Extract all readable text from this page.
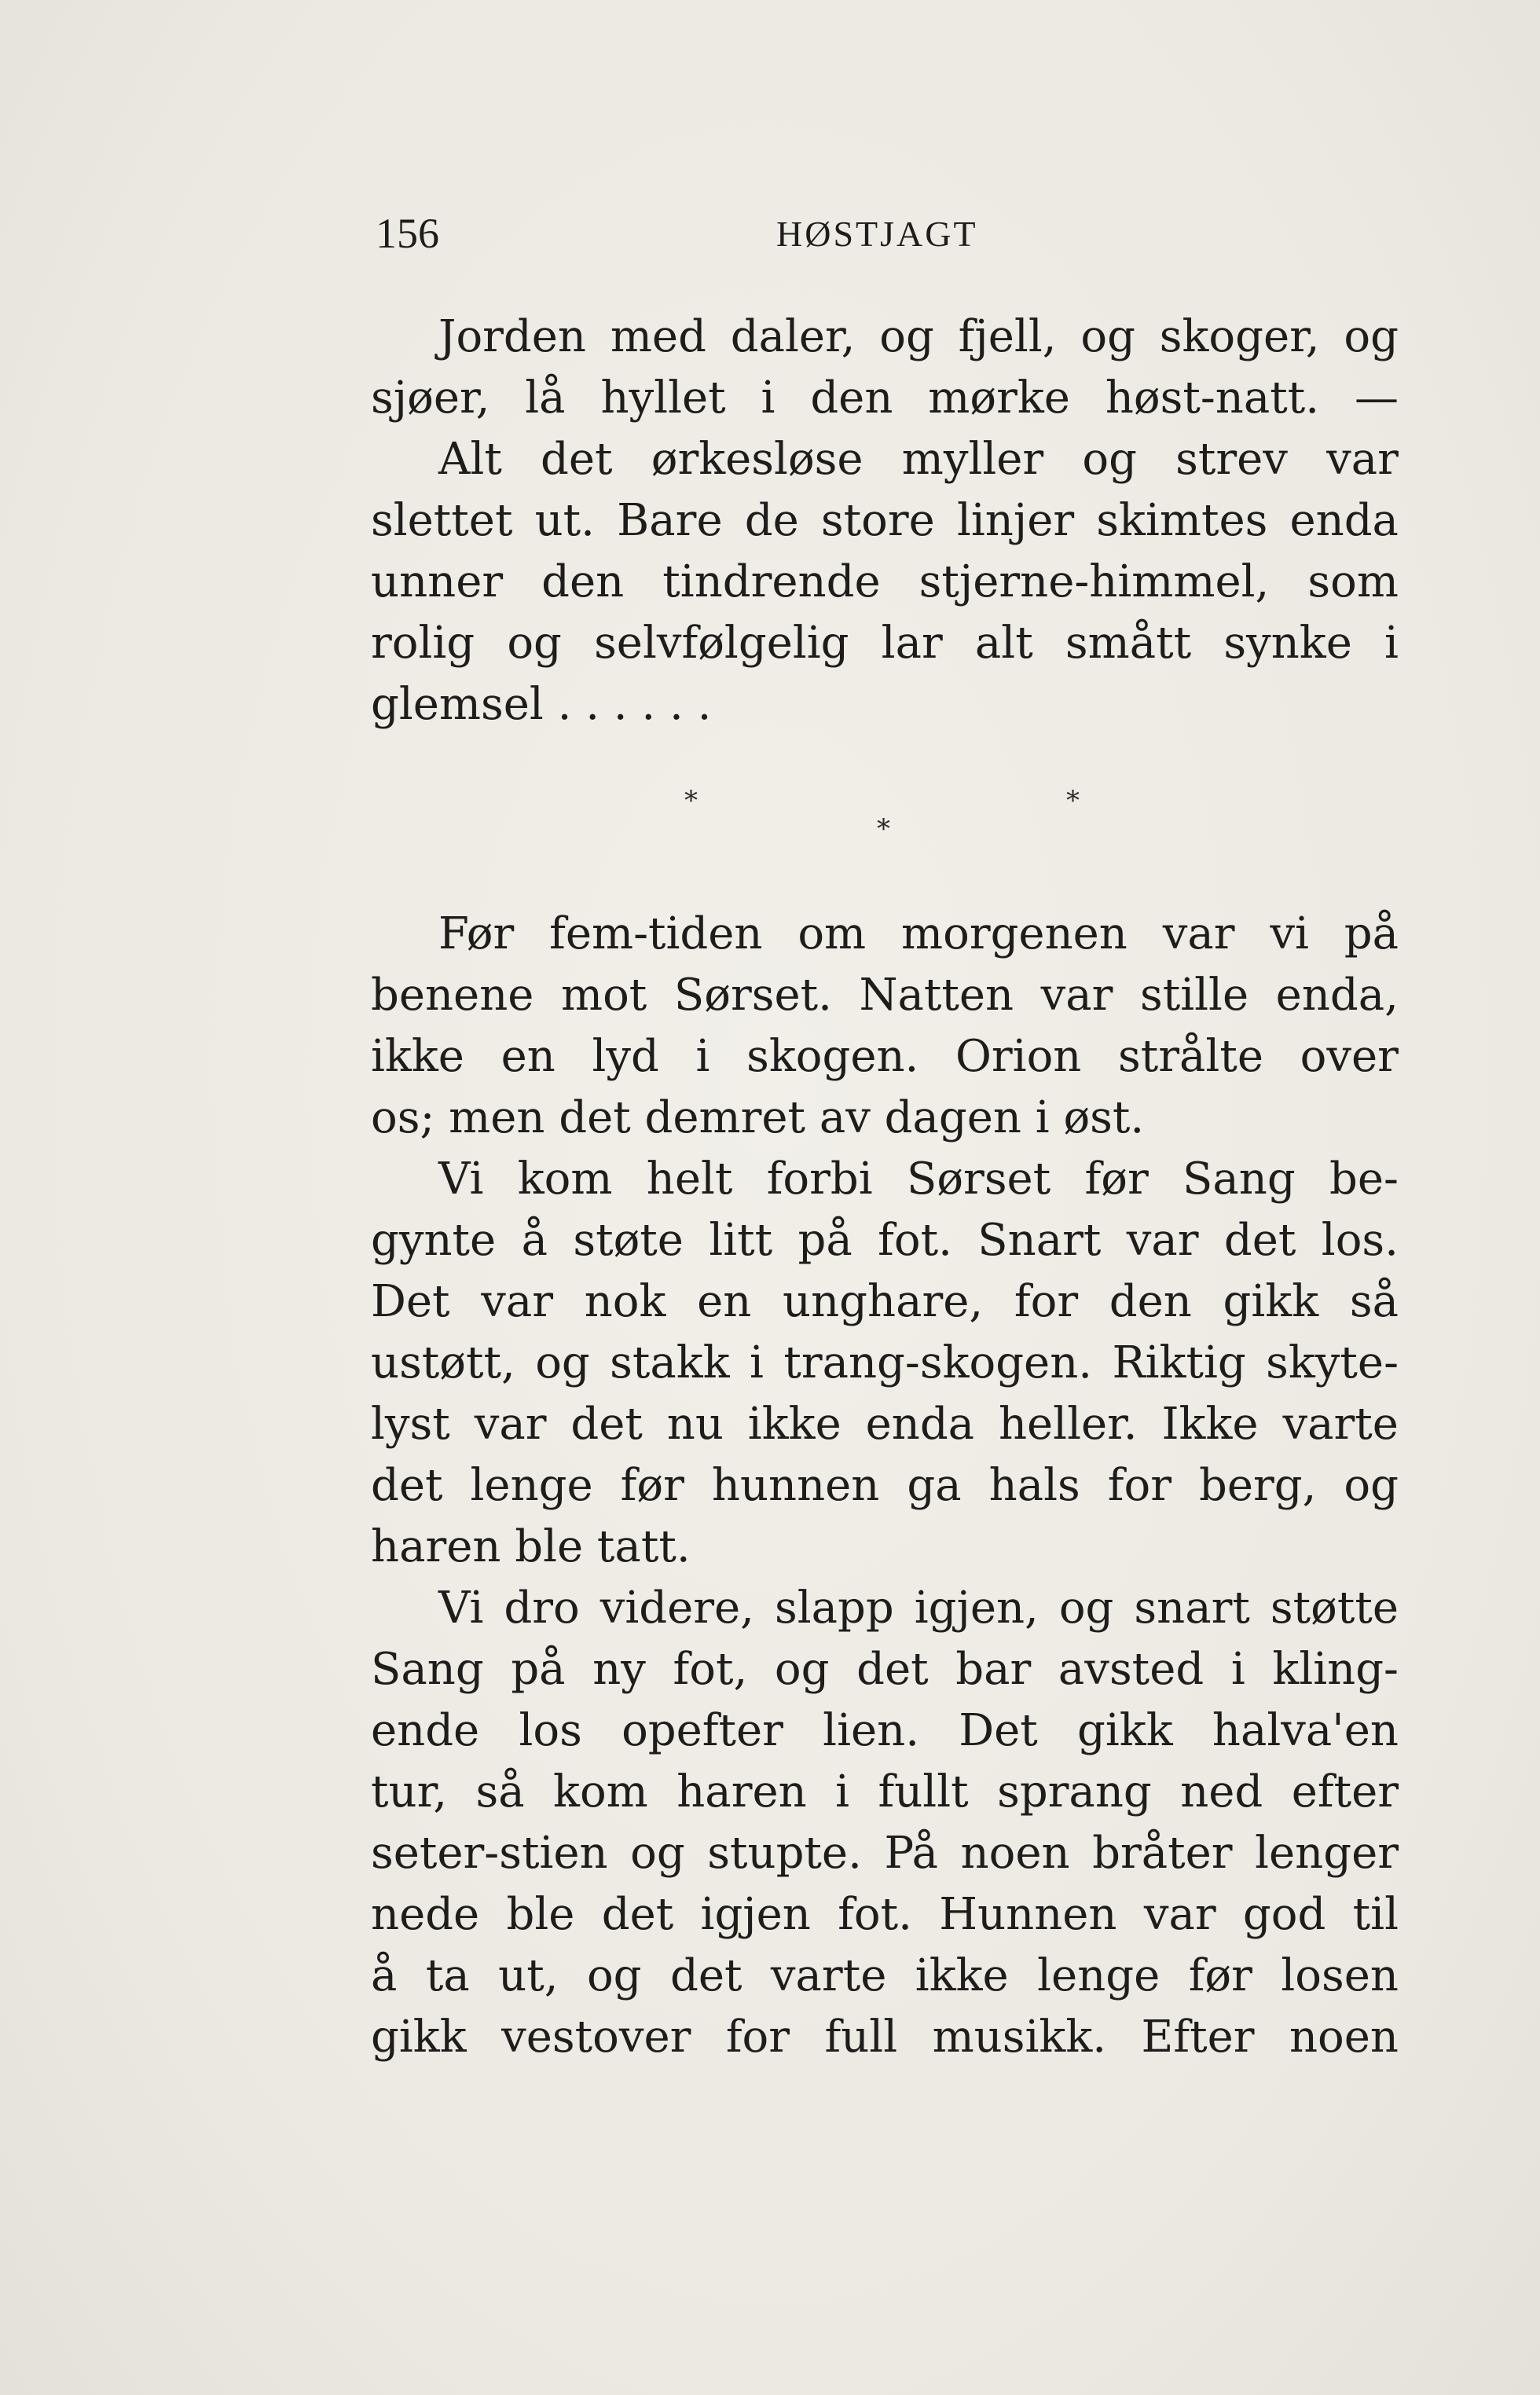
156	HØSTJAGT
Jorden med daler, og fjell, og skoger, og
sjøer, lå hyllet i den mørke høst-natt. —
Alt det ørkesløse myller og strev var
slettet ut. Bare de store linjer skimtes enda
unner den tindrende stjerne-himmel, som
rolig og selvfølgelig lar alt smått synke i
glemsel . . . . . .
*
*
*
Før fem-tiden om morgenen var vi på
benene mot Sørset. Natten var stille enda,
ikke en lyd i skogen. Orion strålte over
os; men det demret av dagen i øst.
Vi kom helt forbi Sørset før Sang be-
gynte å støte litt på fot. Snart var det los.
Det var nok en unghare, for den gikk så
ustøtt, og stakk i trang-skogen. Riktig skyte-
lyst var det nu ikke enda heller. Ikke varte
det lenge før hunnen ga hals for berg, og
haren ble tatt.
Vi dro videre, slapp igjen, og snart støtte
Sang på ny fot, og det bar avsted i kling-
ende los opefter lien. Det gikk halva'en
tur, så kom haren i fullt sprang ned efter
seter-stien og stupte. På noen bråter lenger
nede ble det igjen fot. Hunnen var god til
å ta ut, og det varte ikke lenge før losen
gikk vestover for full musikk. Efter noen
